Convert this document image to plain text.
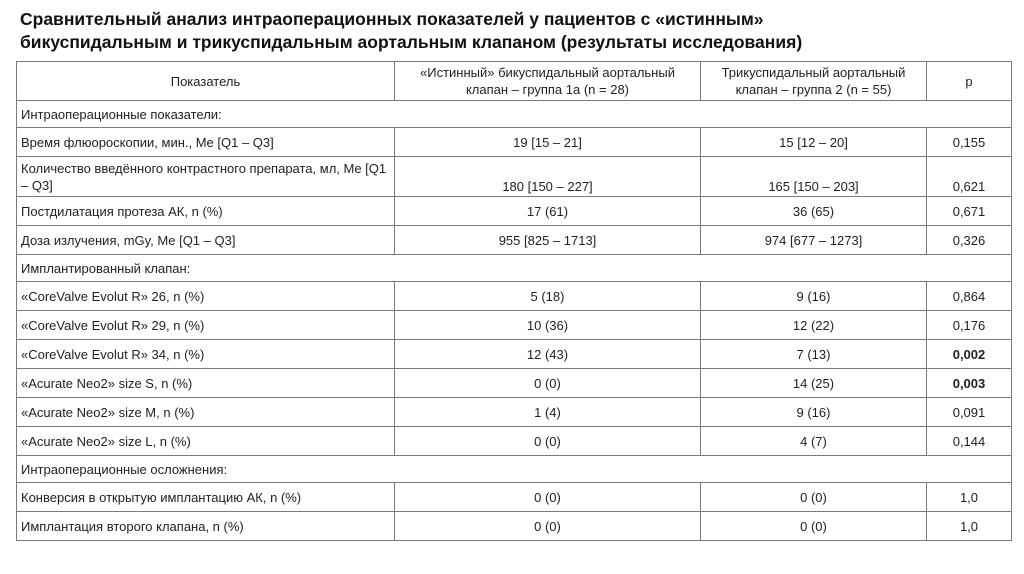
Сравнительный анализ интраоперационных показателей у пациентов с «истинным»
бикуспидальным и трикуспидальным аортальным клапаном (результаты исследования)
Показатель	«Истинный» бикуспидальный аортальный клапан – группа 1а (n = 28)	Трикуспидальный аортальный клапан – группа 2 (n = 55)	p
Интраоперационные показатели:			
Время флюороскопии, мин., Me [Q1 – Q3]	19 [15 – 21]	15 [12 – 20]	0,155
Количество введённого контрастного препарата, мл, Me [Q1 – Q3]	180 [150 – 227]	165 [150 – 203]	0,621
Постдилатация протеза АК, n (%)	17 (61)	36 (65)	0,671
Доза излучения, mGy, Me [Q1 – Q3]	955 [825 – 1713]	974 [677 – 1273]	0,326
Имплантированный клапан:			
«CoreValve Evolut R» 26, n (%)	5 (18)	9 (16)	0,864
«CoreValve Evolut R» 29, n (%)	10 (36)	12 (22)	0,176
«CoreValve Evolut R» 34, n (%)	12 (43)	7 (13)	0,002
«Acurate Neo2» size S, n (%)	0 (0)	14 (25)	0,003
«Acurate Neo2» size M, n (%)	1 (4)	9 (16)	0,091
«Acurate Neo2» size L, n (%)	0 (0)	4 (7)	0,144
Интраоперационные осложнения:			
Конверсия в открытую имплантацию АК, n (%)	0 (0)	0 (0)	1,0
Имплантация второго клапана, n (%)	0 (0)	0 (0)	1,0
